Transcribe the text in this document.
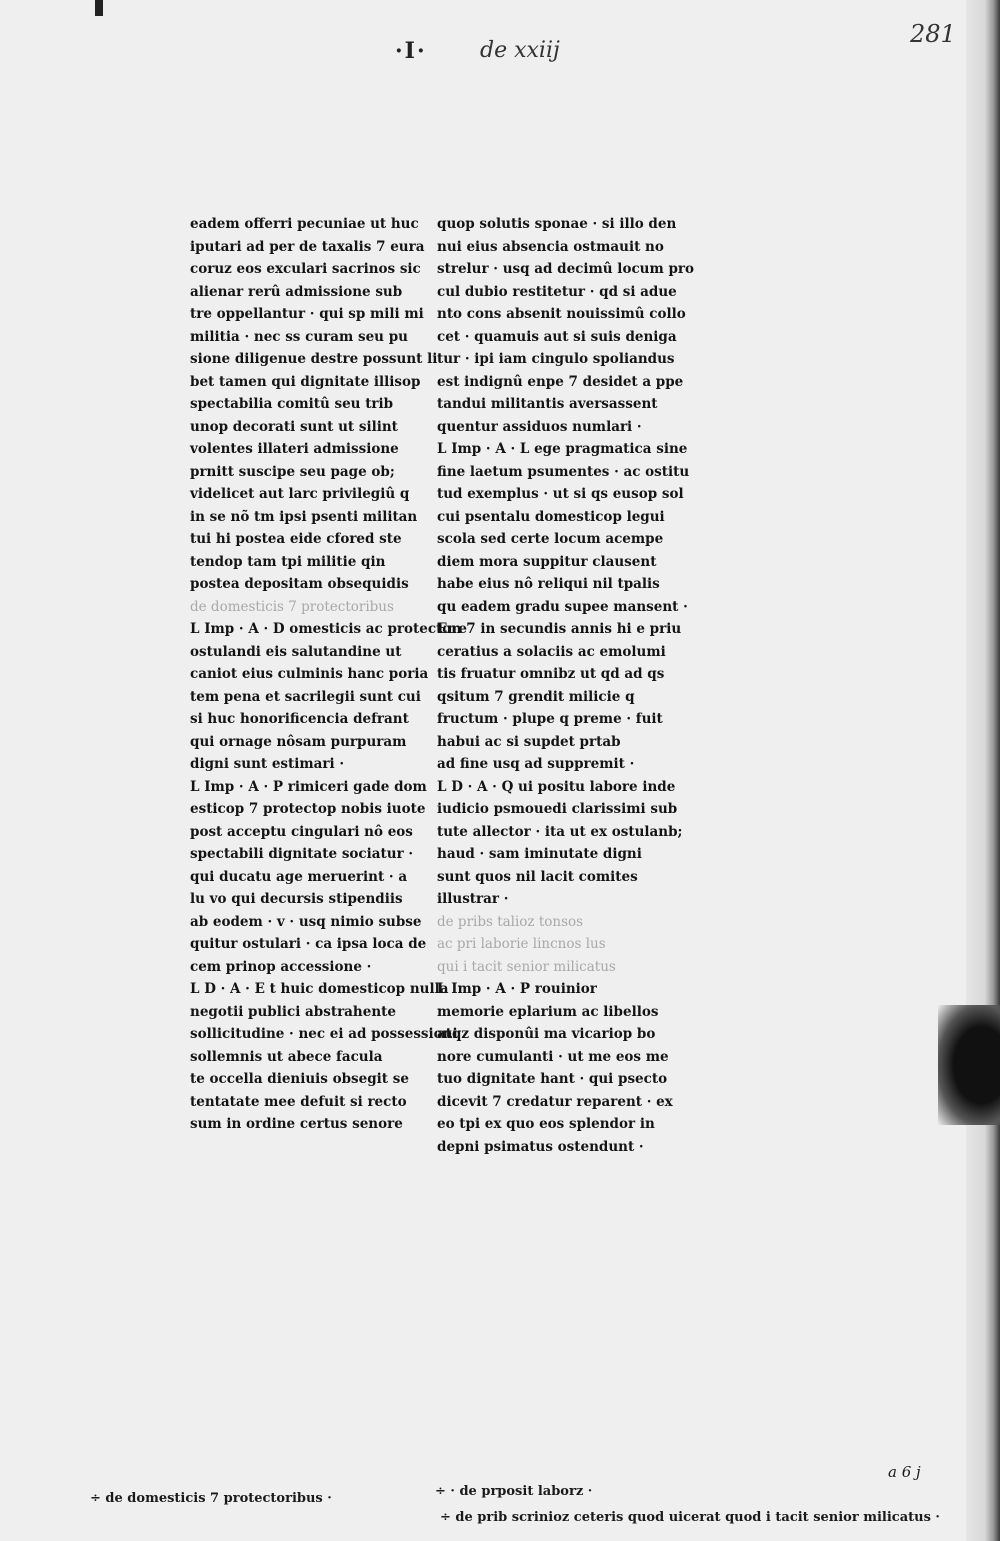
281
·I· de xxiij
eadem offerri pecuniae ut huc
iputari ad per de taxalis 7 eura
coruz eos exculari sacrinos sic
alienar rerû admissione sub
tre oppellantur · qui sp mili mi
militia · nec ss curam seu pu
sione diligenue destre possunt li
bet tamen qui dignitate illisop
spectabilia comitû seu trib
unop decorati sunt ut silint
volentes illateri admissione
prnitt suscipe seu page ob;
videlicet aut larc privilegiû q
in se nõ tm ipsi psenti militan
tui hi postea eide cfored ste
tendop tam tpi militie qin
postea depositam obsequidis
de domesticis 7 protectoribus
L Imp · A · D omesticis ac protectore
ostulandi eis salutandine ut
caniot eius culminis hanc poria
tem pena et sacrilegii sunt cui
si huc honorificencia defrant
qui ornage nôsam purpuram
digni sunt estimari ·
L Imp · A · P rimiceri gade dom
esticop 7 protectop nobis iuote
post acceptu cingulari nô eos
spectabili dignitate sociatur ·
qui ducatu age meruerint · a
lu vo qui decursis stipendiis
ab eodem · v · usq nimio subse
quitur ostulari · ca ipsa loca de
cem prinop accessione ·
L D · A · E t huic domesticop nulla
negotii publici abstrahente
sollicitudine · nec ei ad possessioni
sollemnis ut abece facula
te occella dieniuis obsegit se
tentatate mee defuit si recto
sum in ordine certus senore
quop solutis sponae · si illo den
nui eius absencia ostmauit no
strelur · usq ad decimû locum pro
cul dubio restitetur · qd si adue
nto cons absenit nouissimû collo
cet · quamuis aut si suis deniga
tur · ipi iam cingulo spoliandus
est indignû enpe 7 desidet a ppe
tandui militantis aversassent
quentur assiduos numlari ·
L Imp · A · L ege pragmatica sine
fine laetum psumentes · ac ostitu
tud exemplus · ut si qs eusop sol
cui psentalu domesticop legui
scola sed certe locum acempe
diem mora suppitur clausent
habe eius nô reliqui nil tpalis
qu eadem gradu supee mansent ·
Em 7 in secundis annis hi e priu
ceratius a solaciis ac emolumi
tis fruatur omnibz ut qd ad qs
qsitum 7 grendit milicie q
fructum · plupe q preme · fuit
habui ac si supdet prtab
ad fine usq ad suppremit ·
L D · A · Q ui positu labore inde
iudicio psmouedi clarissimi sub
tute allector · ita ut ex ostulanb;
haud · sam iminutate digni
sunt quos nil lacit comites
illustrar ·
de pribs talioz tonsos
ac pri laborie lincnos lus
qui i tacit senior milicatus
L Imp · A · P rouinior
memorie eplarium ac libellos
atqz disponûi ma vicariop bo
nore cumulanti · ut me eos me
tuo dignitate hant · qui psecto
dicevit 7 credatur reparent · ex
eo tpi ex quo eos splendor in
depni psimatus ostendunt ·
÷ de domesticis 7 protectoribus ·	÷ · de prposit laborz ·
÷ de prib scrinioz ceteris quod uicerat quod i tacit senior milicatus ·
a 6 j
